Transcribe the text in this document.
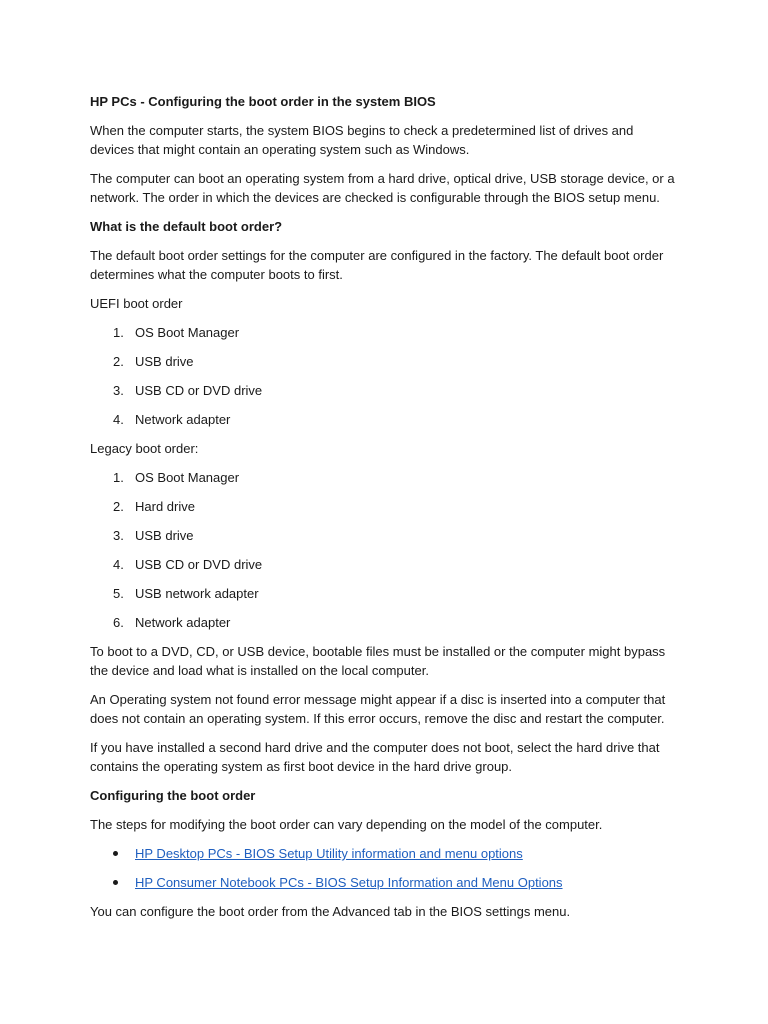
HP PCs - Configuring the boot order in the system BIOS

When the computer starts, the system BIOS begins to check a predetermined list of drives and devices that might contain an operating system such as Windows.

The computer can boot an operating system from a hard drive, optical drive, USB storage device, or a network. The order in which the devices are checked is configurable through the BIOS setup menu.

What is the default boot order?

The default boot order settings for the computer are configured in the factory. The default boot order determines what the computer boots to first.

UEFI boot order

1. OS Boot Manager
2. USB drive
3. USB CD or DVD drive
4. Network adapter

Legacy boot order:

1. OS Boot Manager
2. Hard drive
3. USB drive
4. USB CD or DVD drive
5. USB network adapter
6. Network adapter

To boot to a DVD, CD, or USB device, bootable files must be installed or the computer might bypass the device and load what is installed on the local computer.

An Operating system not found error message might appear if a disc is inserted into a computer that does not contain an operating system. If this error occurs, remove the disc and restart the computer.

If you have installed a second hard drive and the computer does not boot, select the hard drive that contains the operating system as first boot device in the hard drive group.

Configuring the boot order

The steps for modifying the boot order can vary depending on the model of the computer.

HP Desktop PCs - BIOS Setup Utility information and menu options
HP Consumer Notebook PCs - BIOS Setup Information and Menu Options

You can configure the boot order from the Advanced tab in the BIOS settings menu.
